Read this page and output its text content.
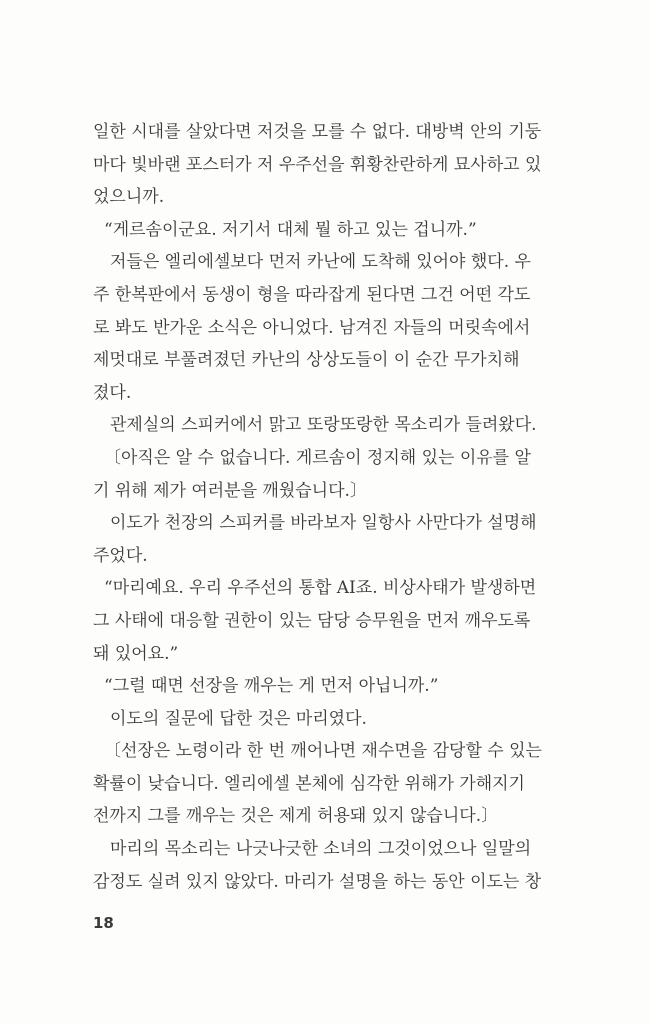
일한 시대를 살았다면 저것을 모를 수 없다. 대방벽 안의 기둥
마다 빛바랜 포스터가 저 우주선을 휘황찬란하게 묘사하고 있
었으니까.
“게르솜이군요. 저기서 대체 뭘 하고 있는 겁니까.”
저들은 엘리에셀보다 먼저 카난에 도착해 있어야 했다. 우
주 한복판에서 동생이 형을 따라잡게 된다면 그건 어떤 각도
로 봐도 반가운 소식은 아니었다. 남겨진 자들의 머릿속에서
제멋대로 부풀려졌던 카난의 상상도들이 이 순간 무가치해
졌다.
관제실의 스피커에서 맑고 또랑또랑한 목소리가 들려왔다.
〔아직은 알 수 없습니다. 게르솜이 정지해 있는 이유를 알
기 위해 제가 여러분을 깨웠습니다.〕
이도가 천장의 스피커를 바라보자 일항사 사만다가 설명해
주었다.
“마리예요. 우리 우주선의 통합 AI죠. 비상사태가 발생하면
그 사태에 대응할 권한이 있는 담당 승무원을 먼저 깨우도록
돼 있어요.”
“그럴 때면 선장을 깨우는 게 먼저 아닙니까.”
이도의 질문에 답한 것은 마리였다.
〔선장은 노령이라 한 번 깨어나면 재수면을 감당할 수 있는
확률이 낮습니다. 엘리에셀 본체에 심각한 위해가 가해지기
전까지 그를 깨우는 것은 제게 허용돼 있지 않습니다.〕
마리의 목소리는 나긋나긋한 소녀의 그것이었으나 일말의
감정도 실려 있지 않았다. 마리가 설명을 하는 동안 이도는 창
18
